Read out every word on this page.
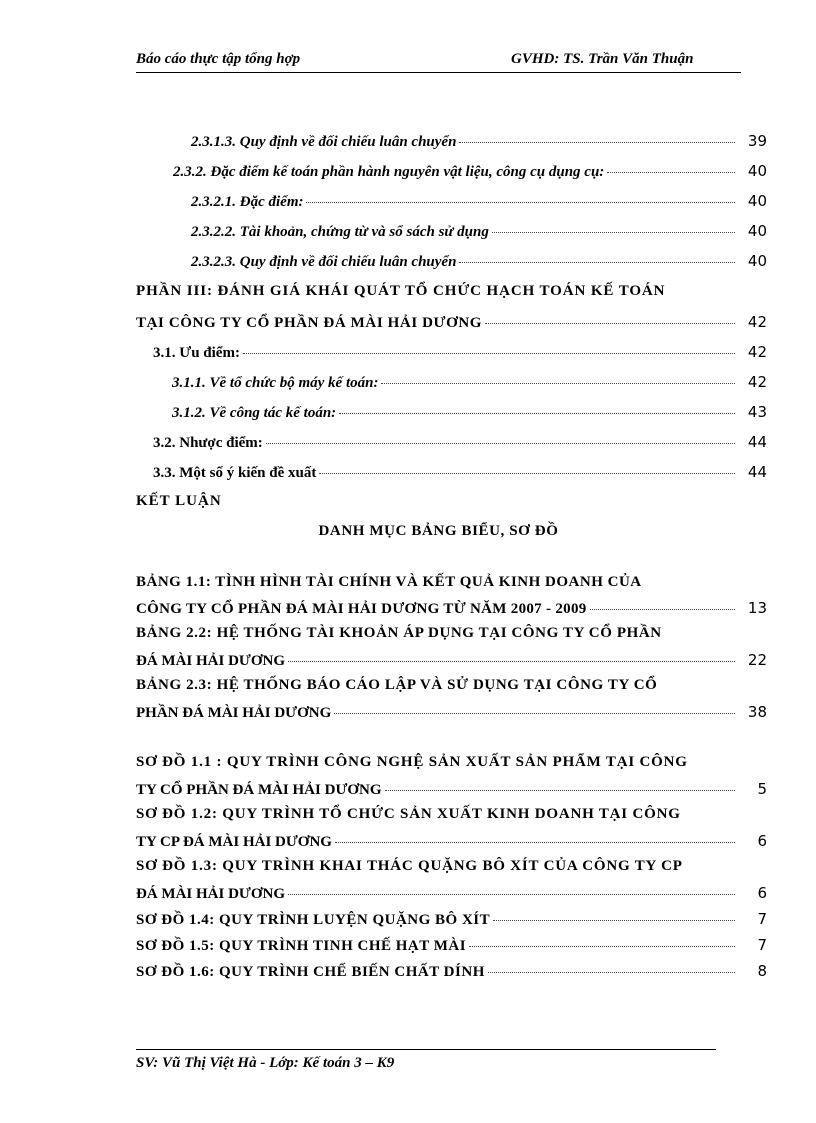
Báo cáo thực tập tổng hợp	GVHD: TS. Trần Văn Thuận
2.3.1.3. Quy định về đối chiếu luân chuyển	39
2.3.2. Đặc điểm kế toán phần hành nguyên vật liệu, công cụ dụng cụ:	40
2.3.2.1. Đặc điểm:	40
2.3.2.2. Tài khoản, chứng từ và sổ sách sử dụng	40
2.3.2.3. Quy định về đối chiếu luân chuyển	40
PHẦN III: ĐÁNH GIÁ KHÁI QUÁT TỔ CHỨC HẠCH TOÁN KẾ TOÁN
TẠI CÔNG TY CỔ PHẦN ĐÁ MÀI HẢI DƯƠNG	42
3.1. Ưu điểm:	42
3.1.1. Về tổ chức bộ máy kế toán:	42
3.1.2. Về công tác kế toán:	43
3.2. Nhược điểm:	44
3.3. Một số ý kiến đề xuất	44
KẾT LUẬN
DANH MỤC BẢNG BIỂU, SƠ ĐỒ
BẢNG 1.1: TÌNH HÌNH TÀI CHÍNH VÀ KẾT QUẢ KINH DOANH CỦA
CÔNG TY CỔ PHẦN ĐÁ MÀI HẢI DƯƠNG TỪ NĂM 2007 - 2009	13
BẢNG 2.2: HỆ THỐNG TÀI KHOẢN ÁP DỤNG TẠI CÔNG TY CỔ PHẦN
ĐÁ MÀI HẢI DƯƠNG	22
BẢNG 2.3: HỆ THỐNG BÁO CÁO LẬP VÀ SỬ DỤNG TẠI CÔNG TY CỔ
PHẦN ĐÁ MÀI HẢI DƯƠNG	38
SƠ ĐỒ 1.1 : QUY TRÌNH CÔNG NGHỆ SẢN XUẤT SẢN PHẨM TẠI CÔNG
TY CỔ PHẦN ĐÁ MÀI HẢI DƯƠNG	5
SƠ ĐỒ 1.2: QUY TRÌNH TỔ CHỨC SẢN XUẤT KINH DOANH TẠI CÔNG
TY CP ĐÁ MÀI HẢI DƯƠNG	6
SƠ ĐỒ 1.3: QUY TRÌNH KHAI THÁC QUẶNG BÔ XÍT CỦA CÔNG TY CP
ĐÁ MÀI HẢI DƯƠNG	6
SƠ ĐỒ 1.4: QUY TRÌNH LUYỆN QUẶNG BÔ XÍT	7
SƠ ĐỒ 1.5: QUY TRÌNH TINH CHẾ HẠT MÀI	7
SƠ ĐỒ 1.6: QUY TRÌNH CHẾ BIẾN CHẤT DÍNH	8
SV: Vũ Thị Việt Hà - Lớp: Kế toán 3 – K9
